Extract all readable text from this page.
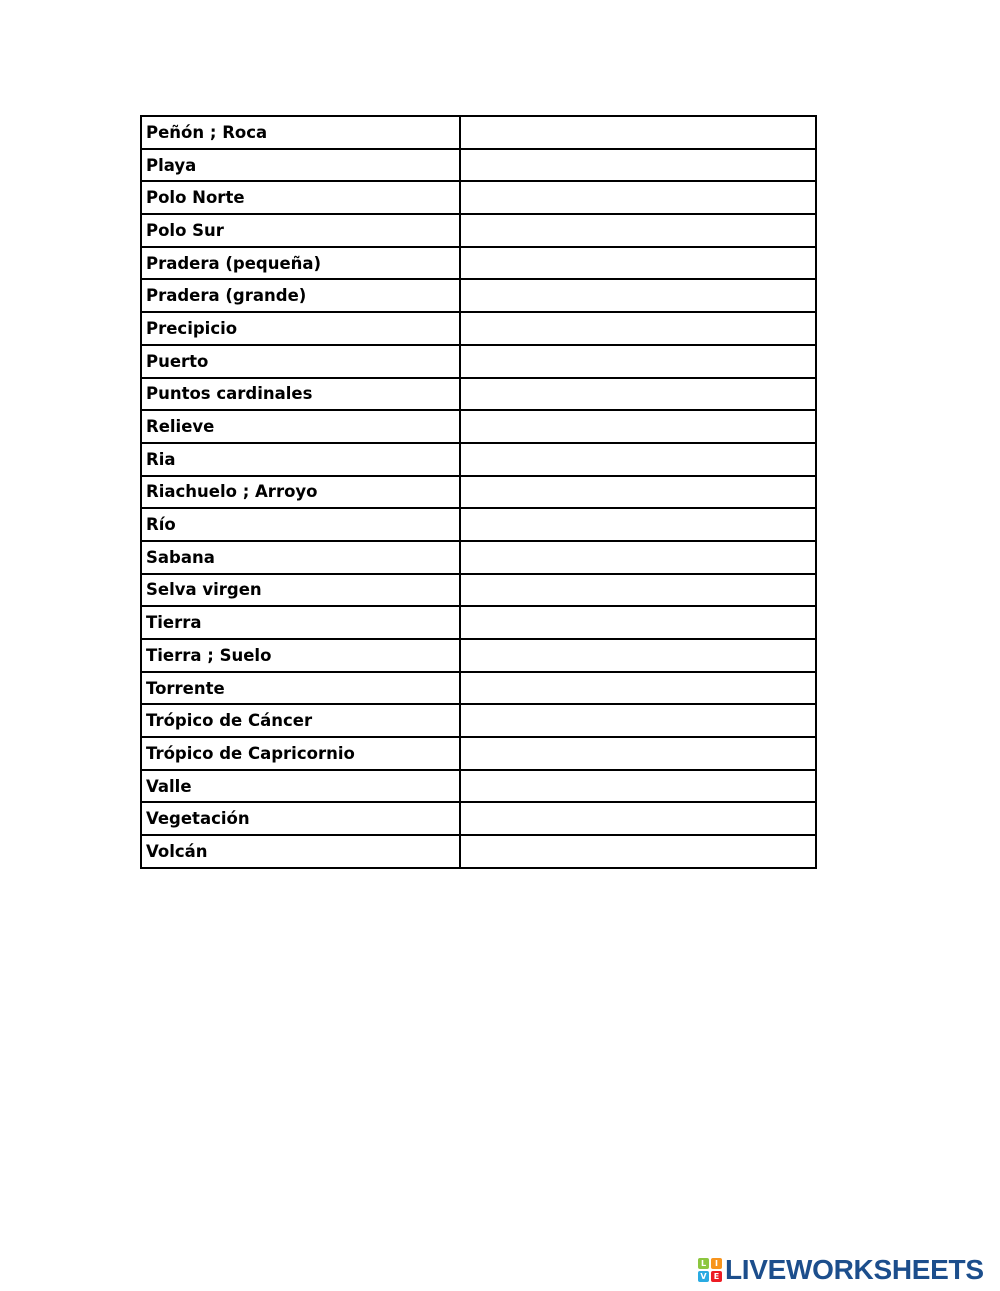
Peñón ; Roca	
Playa	
Polo Norte	
Polo Sur	
Pradera (pequeña)	
Pradera (grande)	
Precipicio	
Puerto	
Puntos cardinales	
Relieve	
Ria	
Riachuelo ; Arroyo	
Río	
Sabana	
Selva virgen	
Tierra	
Tierra ; Suelo	
Torrente	
Trópico de Cáncer	
Trópico de Capricornio	
Valle	
Vegetación	
Volcán	
L	I
V E LIVEWORKSHEETS
